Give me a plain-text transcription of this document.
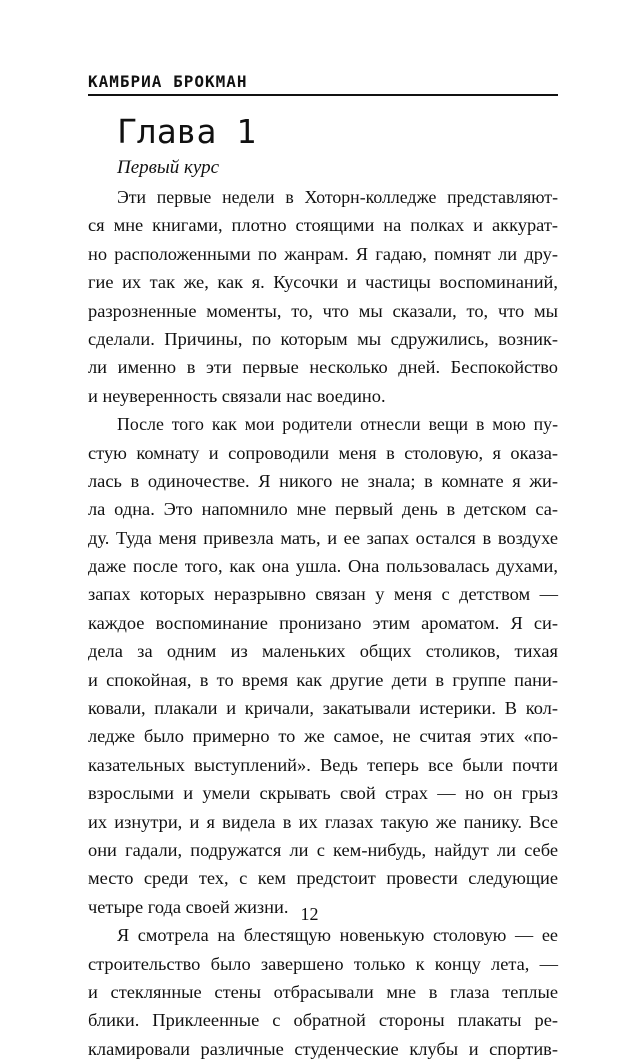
КАМБРИА БРОКМАН
Глава 1
Первый курс

Эти первые недели в Хоторн-колледже представляют-
ся мне книгами, плотно стоящими на полках и аккурат-
но расположенными по жанрам. Я гадаю, помнят ли дру-
гие их так же, как я. Кусочки и частицы воспоминаний,
разрозненные моменты, то, что мы сказали, то, что мы
сделали. Причины, по которым мы сдружились, возник-
ли именно в эти первые несколько дней. Беспокойство
и неуверенность связали нас воедино.

После того как мои родители отнесли вещи в мою пу-
стую комнату и сопроводили меня в столовую, я оказа-
лась в одиночестве. Я никого не знала; в комнате я жи-
ла одна. Это напомнило мне первый день в детском са-
ду. Туда меня привезла мать, и ее запах остался в воздухе
даже после того, как она ушла. Она пользовалась духами,
запах которых неразрывно связан у меня с детством —
каждое воспоминание пронизано этим ароматом. Я си-
дела за одним из маленьких общих столиков, тихая
и спокойная, в то время как другие дети в группе пани-
ковали, плакали и кричали, закатывали истерики. В кол-
ледже было примерно то же самое, не считая этих «по-
казательных выступлений». Ведь теперь все были почти
взрослыми и умели скрывать свой страх — но он грыз
их изнутри, и я видела в их глазах такую же панику. Все
они гадали, подружатся ли с кем-нибудь, найдут ли себе
место среди тех, с кем предстоит провести следующие
четыре года своей жизни.

Я смотрела на блестящую новенькую столовую — ее
строительство было завершено только к концу лета, —
и стеклянные стены отбрасывали мне в глаза теплые
блики. Приклеенные с обратной стороны плакаты ре-
кламировали различные студенческие клубы и спортив-

12
